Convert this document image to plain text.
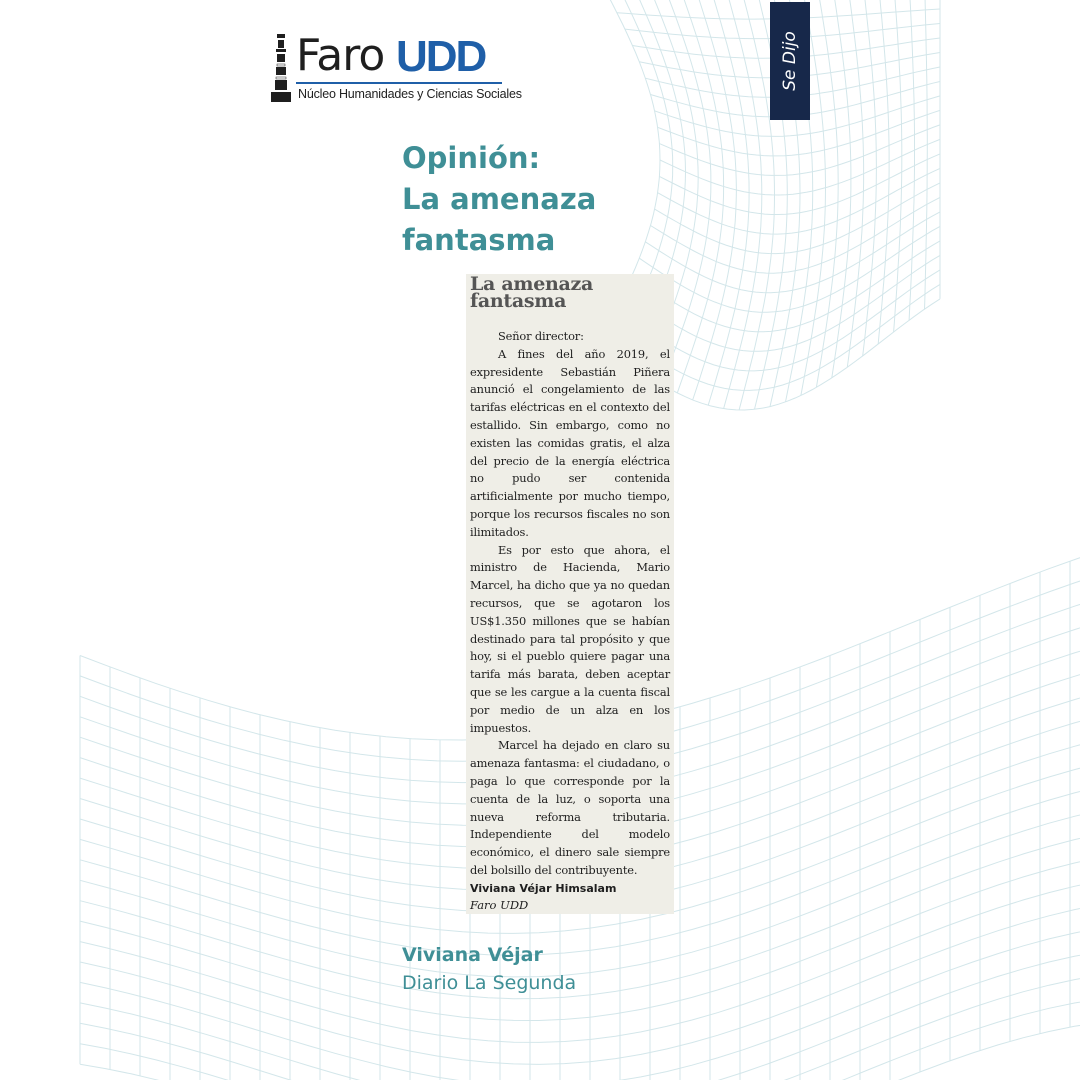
Faro UDD
Núcleo Humanidades y Ciencias Sociales
Se Dijo
Opinión:
La amenaza
fantasma
La amenaza
fantasma

Señor director:

A fines del año 2019, el expresidente Sebastián Piñera anunció el congelamiento de las tarifas eléctricas en el contexto del estallido. Sin embargo, como no existen las comidas gratis, el alza del precio de la energía eléctrica no pudo ser contenida artificialmente por mucho tiempo, porque los recursos fiscales no son ilimitados.

Es por esto que ahora, el ministro de Hacienda, Mario Marcel, ha dicho que ya no quedan recursos, que se agotaron los US$1.350 millones que se habían destinado para tal propósito y que hoy, si el pueblo quiere pagar una tarifa más barata, deben aceptar que se les cargue a la cuenta fiscal por medio de un alza en los impuestos.

Marcel ha dejado en claro su amenaza fantasma: el ciudadano, o paga lo que corresponde por la cuenta de la luz, o soporta una nueva reforma tributaria. Independiente del modelo económico, el dinero sale siempre del bolsillo del contribuyente.

Viviana Véjar Himsalam

Faro UDD

Viviana Véjar
Diario La Segunda
